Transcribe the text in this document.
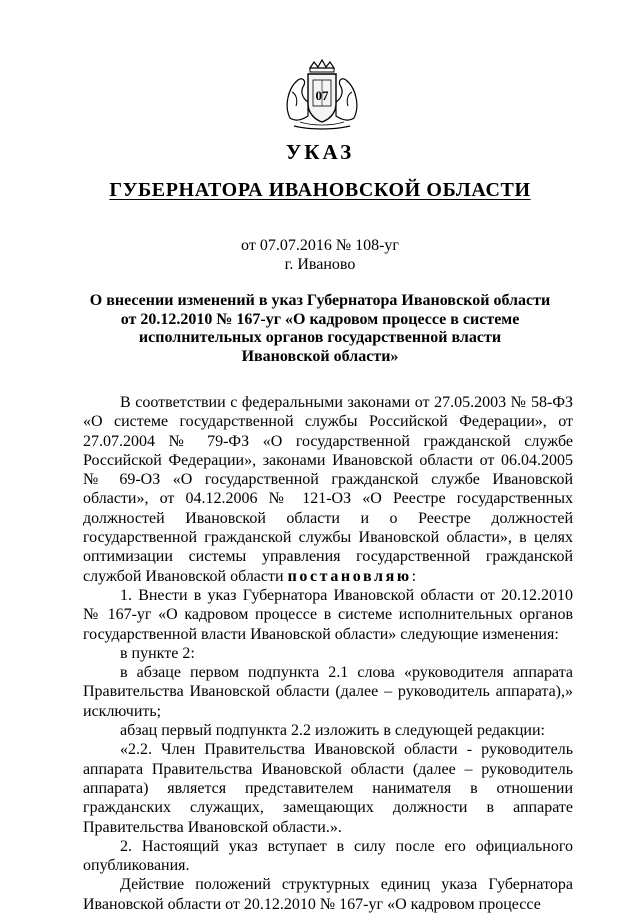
07
УКАЗ
ГУБЕРНАТОРА ИВАНОВСКОЙ ОБЛАСТИ

от 07.07.2016 № 108-уг

г. Иваново

О внесении изменений в указ Губернатора Ивановской области
от 20.12.2010 № 167-уг «О кадровом процессе в системе
исполнительных органов государственной власти
Ивановской области»

В соответствии с федеральными законами от 27.05.2003 № 58-ФЗ «О системе государственной службы Российской Федерации», от 27.07.2004 № 79-ФЗ «О государственной гражданской службе Российской Федерации», законами Ивановской области от 06.04.2005 № 69-ОЗ «О государственной гражданской службе Ивановской области», от 04.12.2006 № 121-ОЗ «О Реестре государственных должностей Ивановской области и о Реестре должностей государственной гражданской службы Ивановской области», в целях оптимизации системы управления государственной гражданской службой Ивановской области постановляю:

1. Внести в указ Губернатора Ивановской области от 20.12.2010 № 167-уг «О кадровом процессе в системе исполнительных органов государственной власти Ивановской области» следующие изменения:

в пункте 2:

в абзаце первом подпункта 2.1 слова «руководителя аппарата Правительства Ивановской области (далее – руководитель аппарата),» исключить;

абзац первый подпункта 2.2 изложить в следующей редакции:

«2.2. Член Правительства Ивановской области - руководитель аппарата Правительства Ивановской области (далее – руководитель аппарата) является представителем нанимателя в отношении гражданских служащих, замещающих должности в аппарате Правительства Ивановской области.».

2. Настоящий указ вступает в силу после его официального опубликования.

Действие положений структурных единиц указа Губернатора Ивановской области от 20.12.2010 № 167-уг «О кадровом процессе
